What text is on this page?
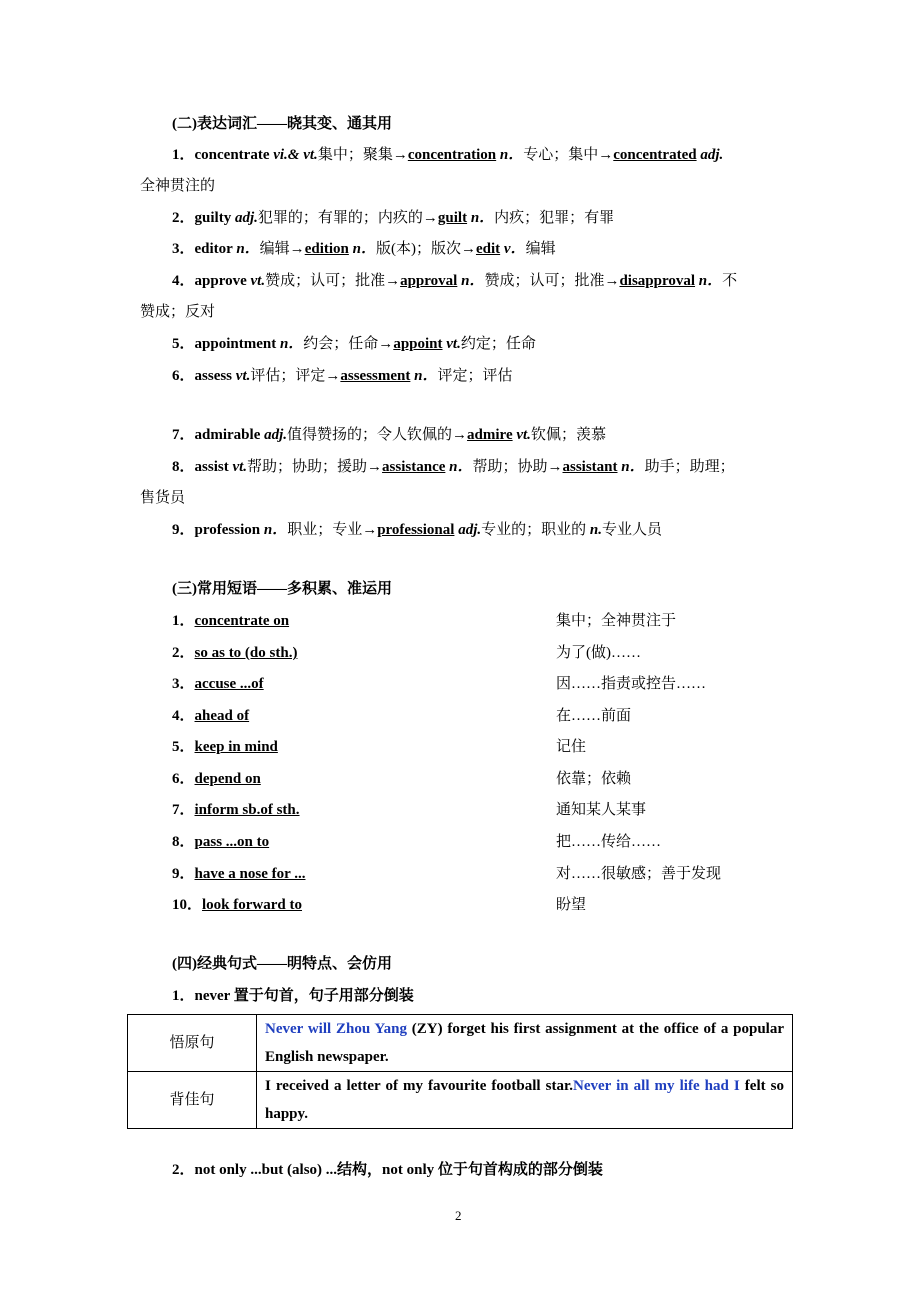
(二)表达词汇——晓其变、通其用
1．concentrate vi.& vt.集中；聚集→concentration n．专心；集中→concentrated adj.
全神贯注的
2．guilty adj.犯罪的；有罪的；内疚的→guilt n．内疚；犯罪；有罪
3．editor n．编辑→edition n．版(本)；版次→edit v．编辑
4．approve vt.赞成；认可；批准→approval n．赞成；认可；批准→disapproval n．不
赞成；反对
5．appointment n．约会；任命→appoint vt.约定；任命
6．assess vt.评估；评定→assessment n．评定；评估
7．admirable adj.值得赞扬的；令人钦佩的→admire vt.钦佩；羡慕
8．assist vt.帮助；协助；援助→assistance n．帮助；协助→assistant n．助手；助理；
售货员
9．profession n．职业；专业→professional adj.专业的；职业的 n.专业人员
(三)常用短语——多积累、准运用
1．concentrate on	集中；全神贯注于
2．so as to (do sth.)	为了(做)……
3．accuse ...of	因……指责或控告……
4．ahead of	在……前面
5．keep in mind	记住
6．depend on	依靠；依赖
7．inform sb.of sth.	通知某人某事
8．pass ...on to	把……传给……
9．have a nose for ...	对……很敏感；善于发现
10．look forward to	盼望
(四)经典句式——明特点、会仿用
1．never 置于句首，句子用部分倒装
悟原句	Never will Zhou Yang (ZY) forget his first assignment at the office of a popular English newspaper.
背佳句	I received a letter of my favourite football star.Never in all my life had I felt so happy.
2．not only ...but (also) ...结构，not only 位于句首构成的部分倒装
2
